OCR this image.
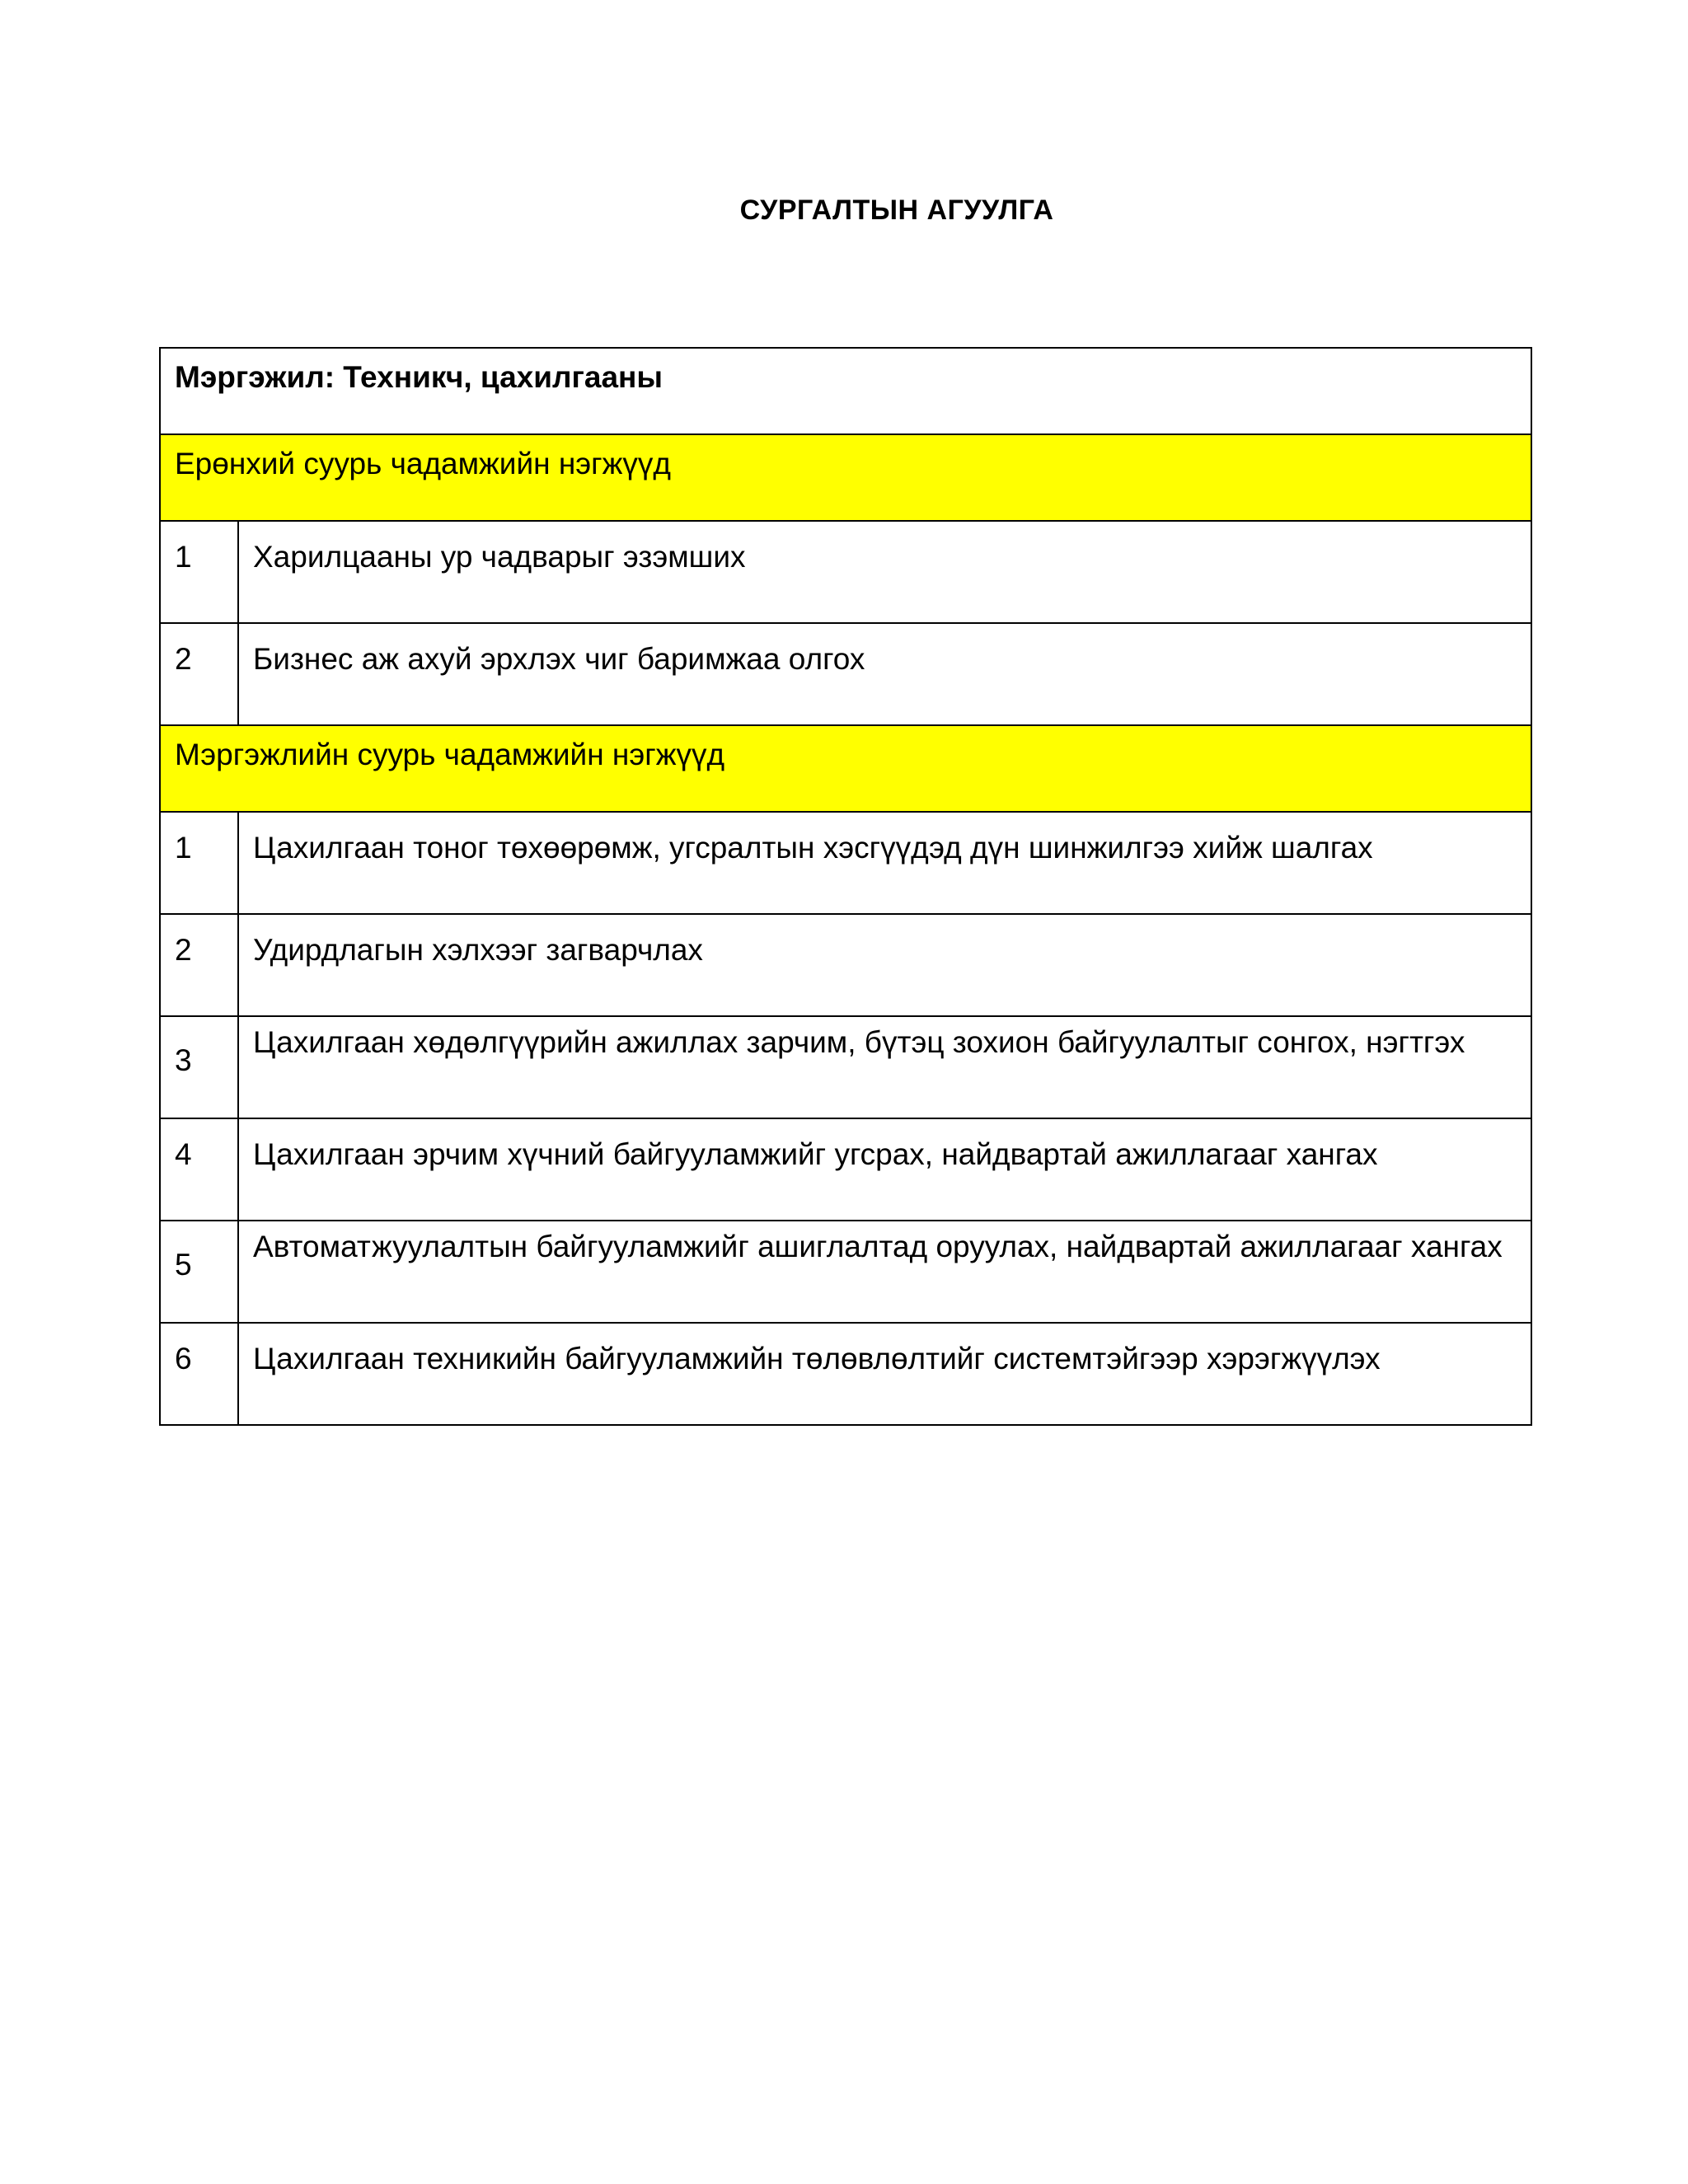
СУРГАЛТЫН АГУУЛГА
Мэргэжил: Техникч, цахилгааны	
Ерөнхий суурь чадамжийн нэгжүүд	
1	Харилцааны ур чадварыг эзэмших
2	Бизнес аж ахуй эрхлэх чиг баримжаа олгох
Мэргэжлийн суурь чадамжийн нэгжүүд	
1	Цахилгаан тоног төхөөрөмж, угсралтын хэсгүүдэд дүн шинжилгээ хийж шалгах
2	Удирдлагын хэлхээг загварчлах
3	Цахилгаан хөдөлгүүрийн ажиллах зарчим, бүтэц зохион байгуулалтыг сонгох, нэгтгэх
4	Цахилгаан эрчим хүчний байгууламжийг угсрах, найдвартай ажиллагааг хангах
5	Автоматжуулалтын байгууламжийг ашиглалтад оруулах, найдвартай ажиллагааг хангах
6	Цахилгаан техникийн байгууламжийн төлөвлөлтийг системтэйгээр хэрэгжүүлэх
